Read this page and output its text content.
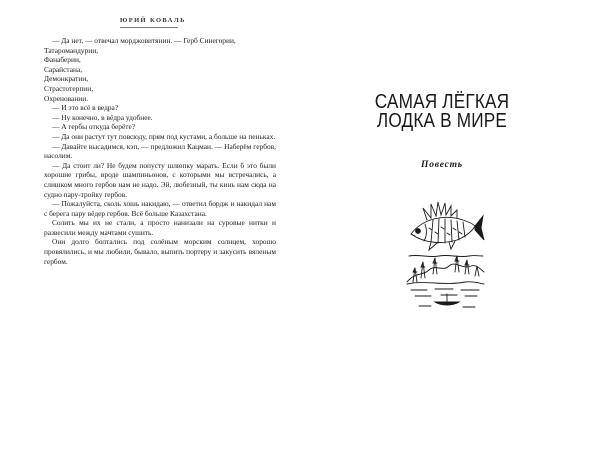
ЮРИЙ КОВАЛЬ

— Да нет, — отвечал морджовитянин. — Герб Синегории,

Татаромандурии,

Фанаберии,

Сарайстана,

Демонкратии,

Страстотерпии,

Охреновании.

— И это всё в ведра?

— Ну конечно, в вёдра удобнее.

— А гербы откуда берёте?

— Да они растут тут повсюду, прям под кустами, а больше на пеньках.

— Давайте высадимся, кэп, — предложил Кацман. — Наберём гербов, насолим.

— Да стоит ли? Не будем попусту шлюпку марать. Если б это были хорошие грибы, вроде шампиньонов, с которыми мы встречались, а слишком много гербов нам не надо. Эй, любезный, ты кинь нам сюда на судно пару-тройку гербов.

— Пожалуйста, сколь хошь накидаю, — ответил бордж и накидал нам с берега пару вёдер гербов. Всё больше Казахстана.

Солить мы их не стали, а просто нанизали на суровые нитки и развесили между мачтами сушить.

Они долго болтались под солёным морским солнцем, хорошо провялились, и мы любили, бывало, выпить портеру и закусить вяленым гербом.

САМАЯ ЛЁГКАЯ
ЛОДКА В МИРЕ
Повесть
